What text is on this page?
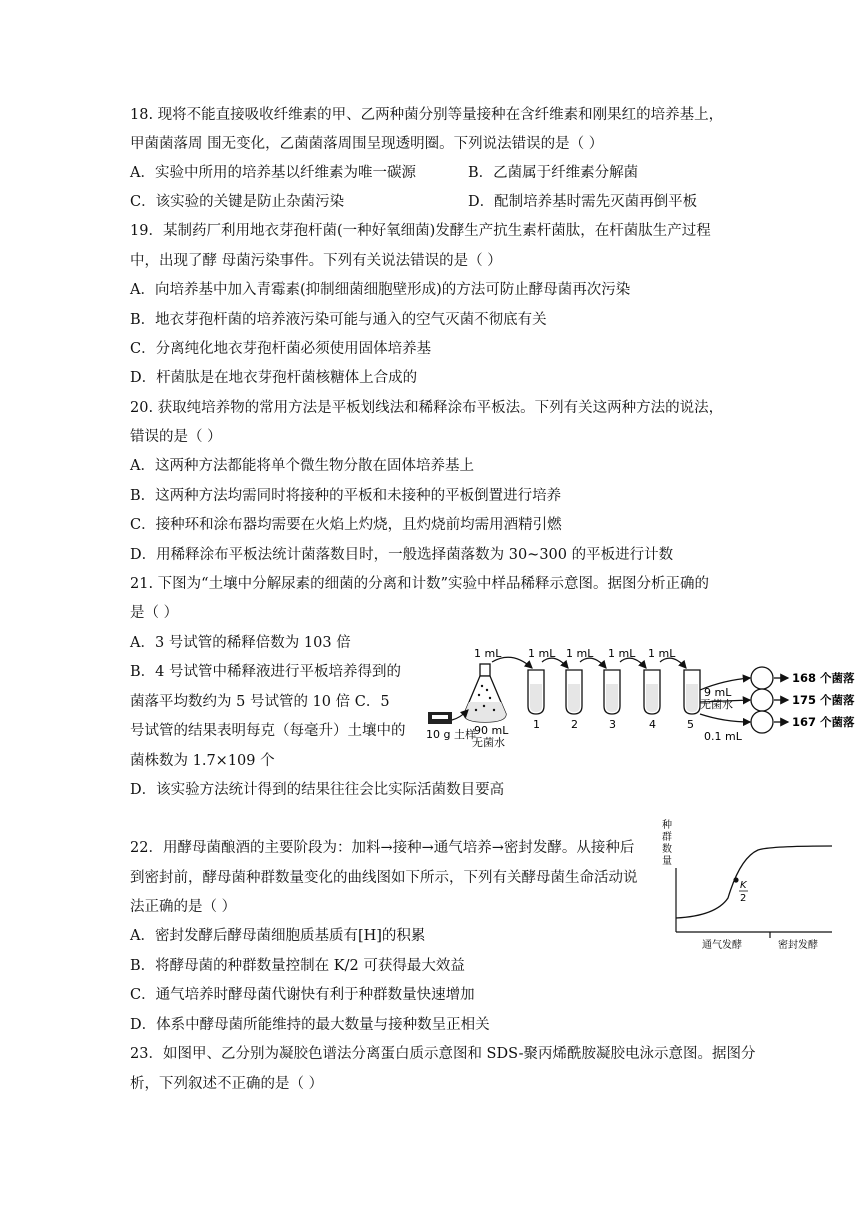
18. 现将不能直接吸收纤维素的甲、乙两种菌分别等量接种在含纤维素和刚果红的培养基上，
甲菌菌落周 围无变化，乙菌菌落周围呈现透明圈。下列说法错误的是（ ）
A．实验中所用的培养基以纤维素为唯一碳源	B．乙菌属于纤维素分解菌
C．该实验的关键是防止杂菌污染	D．配制培养基时需先灭菌再倒平板
19．某制药厂利用地衣芽孢杆菌(一种好氧细菌)发酵生产抗生素杆菌肽，在杆菌肽生产过程
中，出现了酵 母菌污染事件。下列有关说法错误的是（ ）
A．向培养基中加入青霉素(抑制细菌细胞壁形成)的方法可防止酵母菌再次污染
B．地衣芽孢杆菌的培养液污染可能与通入的空气灭菌不彻底有关
C．分离纯化地衣芽孢杆菌必须使用固体培养基
D．杆菌肽是在地衣芽孢杆菌核糖体上合成的
20. 获取纯培养物的常用方法是平板划线法和稀释涂布平板法。下列有关这两种方法的说法，
错误的是（ ）
A．这两种方法都能将单个微生物分散在固体培养基上
B．这两种方法均需同时将接种的平板和未接种的平板倒置进行培养
C．接种环和涂布器均需要在火焰上灼烧，且灼烧前均需用酒精引燃
D．用稀释涂布平板法统计菌落数目时，一般选择菌落数为 30~300 的平板进行计数
21. 下图为“土壤中分解尿素的细菌的分离和计数”实验中样品稀释示意图。据图分析正确的
是（ ）
A．3 号试管的稀释倍数为 103 倍
B．4 号试管中稀释液进行平板培养得到的
菌落平均数约为 5 号试管的 10 倍 C．5
号试管的结果表明每克（每毫升）土壤中的
菌株数为 1.7×109 个
D．该实验方法统计得到的结果往往会比实际活菌数目要高
1 mL 1 mL 1 mL 1 mL 1 mL
10 g 土样
90 mL
无菌水
1	2	3	4	5
9 mL
无菌水
0.1 mL
168 个菌落
175 个菌落
167 个菌落
22．用酵母菌酿酒的主要阶段为：加料→接种→通气培养→密封发酵。从接种后
到密封前，酵母菌种群数量变化的曲线图如下所示，下列有关酵母菌生命活动说
法正确的是（ ）
A．密封发酵后酵母菌细胞质基质有[H]的积累
B．将酵母菌的种群数量控制在 K/2 可获得最大效益
C．通气培养时酵母菌代谢快有利于种群数量快速增加
D．体系中酵母菌所能维持的最大数量与接种数呈正相关
种
群
数
量
K
2
通气发酵	密封发酵
23．如图甲、乙分别为凝胶色谱法分离蛋白质示意图和 SDS-聚丙烯酰胺凝胶电泳示意图。据图分
析，下列叙述不正确的是（ ）
